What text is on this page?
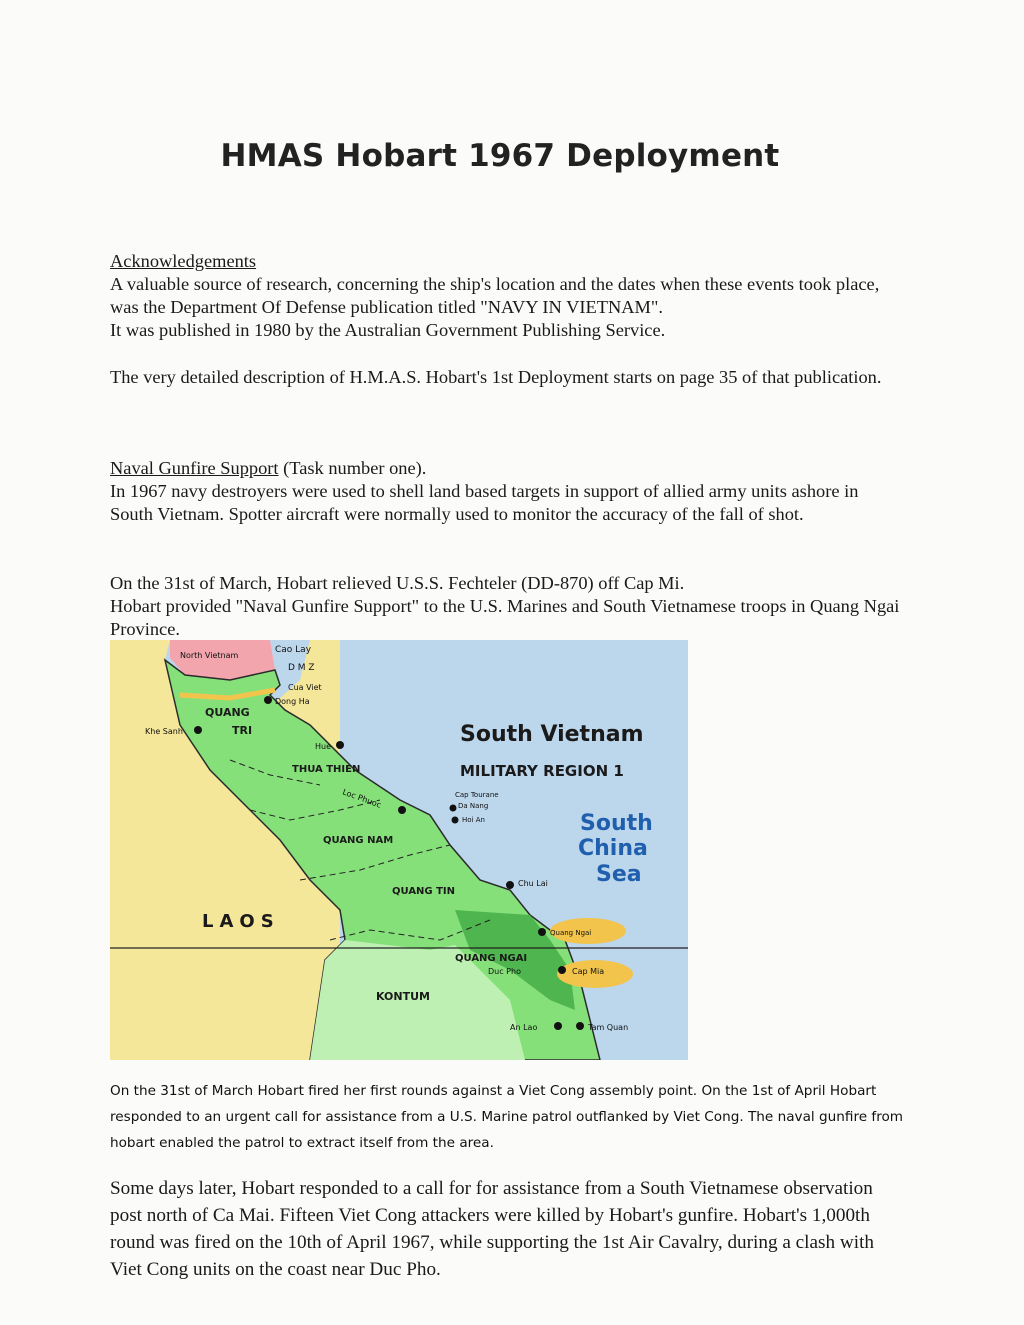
HMAS Hobart 1967 Deployment
Acknowledgements
A valuable source of research, concerning the ship's location and the dates when these events took place, was the Department Of Defense publication titled "NAVY IN VIETNAM".
It was published in 1980 by the Australian Government Publishing Service.
The very detailed description of H.M.A.S. Hobart's 1st Deployment starts on page 35 of that publication.
Naval Gunfire Support (Task number one).
In 1967 navy destroyers were used to shell land based targets in support of allied army units ashore in South Vietnam. Spotter aircraft were normally used to monitor the accuracy of the fall of shot.
On the 31st of March, Hobart relieved U.S.S. Fechteler (DD-870) off Cap Mi.
Hobart provided "Naval Gunfire Support" to the U.S. Marines and South Vietnamese troops in Quang Ngai Province.
North Vietnam
Cao Lay
D M Z
Cua Viet
Dong Ha
QUANG
TRI
Khe Sanh
Hue
THUA THIEN
Loc Phuoc
QUANG NAM
Cap Tourane
Da Nang
Hoi An
QUANG TIN
Chu Lai
Quang Ngai
QUANG NGAI
Duc Pho	Cap Mia
KONTUM
An Lao	Tam Quan
LAOS
South Vietnam
MILITARY REGION 1
South
China
Sea
On the 31st of March Hobart fired her first rounds against a Viet Cong assembly point. On the 1st of April Hobart responded to an urgent call for assistance from a U.S. Marine patrol outflanked by Viet Cong. The naval gunfire from hobart enabled the patrol to extract itself from the area.
Some days later, Hobart responded to a call for for assistance from a South Vietnamese observation post north of Ca Mai. Fifteen Viet Cong attackers were killed by Hobart's gunfire. Hobart's 1,000th round was fired on the 10th of April 1967, while supporting the 1st Air Cavalry, during a clash with Viet Cong units on the coast near Duc Pho.
